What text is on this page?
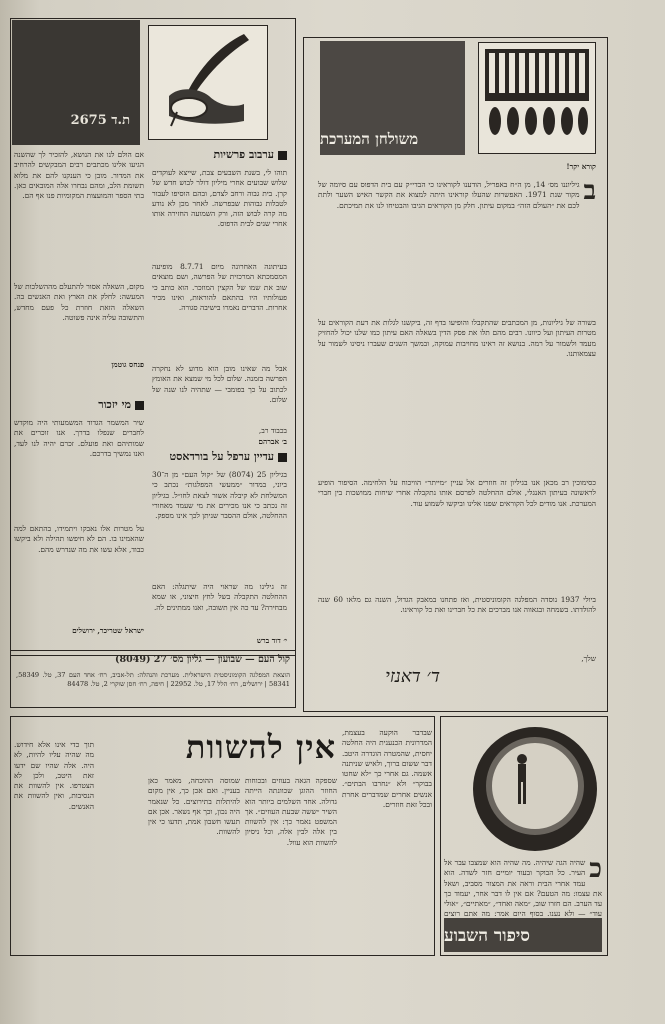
משולחן המערכת
קורא יקר!
ב
גיליוננו מס׳ 14, מן ה״ח באפריל, הודענו לקוראינו כי הבדי״ק עם בית הדפוס עם סיומה של מקור שנת 1971. האפשרות שהעלו קוראינו היתה למצוא את הקשר האיש השער ולתת לכם את ״העולם הזה״ במקום עיתון. חלק מן הקוראים הגיבו והבטיחו לנו את תמיכתם.
בשורה של גיליונות, מן המכתבים שהתקבלו והופיעו בדף זה, ביקשנו לגלות את דעת הקוראים על מטרות העיתון ועל כיוונו. רבים מהם תלו את פסק הדין בשאלה האם עיתון כמו שלנו יכול להחזיק מעמד ולשמור על רמה. בנושא זה ראינו מחויבות עמוקה, ובמשך השנים שעברו ניסינו לשמור על עצמאותנו.
כסימוכין רב מכאן אנו בגיליון זה חוזרים אל עניין ״מייתר״ הוויכוח על הלחימה. הסיפור הופיע לראשונה בעיתון האנגלי, אולם ההחלטה לפרסם אותו נתקבלה אחרי שיחות ממושכות בין חברי המערכת. אנו מודים לכל הקוראים שפנו אלינו וביקשו לשמוע עוד.
ביולי 1937 נוסדה המפלגה הקומוניסטית, ואז פתחנו במאבק הגדול, השנה גם מלאו 60 שנה להולדתו. בשמחה ובגאווה אנו מברכים את כל חברינו ואת כל קוראינו.
שלך,
ד׳ דאנזי
ת.ד 2675
ערבוב פרשיות
תוהו לי, בשנת השבעים צבת, שייצא לעוקדים שלוש שבועים אחרי מיליון דולר לבוש חדש של קרן. בית גבוה ורחב לצדם, ובהם הוסיפו לעבור לטבלות גבוהות שבפרשה. לאחר מכן לא נודע מה קרה לבוש הזה, ורק השמועה החזירה אותו אחרי שנים לבית הדפוס.
בעיתונה האחרונה מיום 8.7.71 מופיעה המסמכתא המרכזית של הפרשה, ושם מוצאים שוב את שמו של הקצין המוזכר. הוא כותב כי פעולותיו היו בהתאם להוראות, ואינו מכיר אחרות. הדברים נאמרו בישיבה סגורה.
אבל מה שאינו מובן הוא מדוע לא נחקרה הפרשה בזמנה. שלום לכל מי שמצא את האומץ לכתוב על כך בפומבי — שתהיה לנו שנה של שלום.
בכבוד רב,
ב׳ אברהם
עדיין ערפל על בורדאסט
בגיליון 25 (8074) של ״קול העם״ מן ה־30 ביוני, במדור ״ממעשי המפלגות״ נכתב כי המשלחת לא קיבלה אשור לצאת לחו״ל. בגיליון זה נכתב כי אנו מכירים את מי שעמד מאחורי ההחלטה, אולם ההסבר שניתן לכך אינו מספק.
זה גילינו מה שראוי היה שיתגלה: האם ההחלטה התקבלה בשל לחץ חיצוני, או שמא מבחירה? עד כה אין תשובה, ואנו ממתינים לה.
י׳ דוד ברש
אם הולם לנו את הנושא, להזכיר לך שהשנה הגיעו אלינו מכתבים רבים המבקשים להרחיב את המדור. מובן כי הענקנו להם את מלוא תשומת הלב, ומהם נבחרו אלה המובאים כאן. בתי הספר והמועצות המקומיות פנו אף הם.
מקום, השאלה אסור להתעלם מההשלכות של המעשה: לחלק את הארץ ואת האנשים בה. השאלה הזאת חוזרת כל פעם מחדש, והתשובה עליה אינה פשוטה.
פנחס גוטמן
מי יזכור
שיר המשמר הגדוד המשמעותי היה מוקדש לחברים שנפלו בדרך. אנו זוכרים את שמותיהם ואת פועלם. זכרם יהיה לנו לעד, ואנו נמשיך בדרכם.
על מטרות אלו נאבקו ויתמידו, בהתאם למה שהאמינו בו. הם לא חיפשו תהילה ולא ביקשו כבוד, אלא עשו את מה שנדרש מהם.
ישראל שטריכר, ירושלים
קול העם — שבועון — גליון מס׳ 27 (8049)
הוצאת המפלגה הקומוניסטית הישראלית. מערכת והנהלה: תל-אביב, רח׳ אחד העם 37, טל. 58349, 58341 | ירושלים, רח׳ הלל 17, טל. 22952 | חיפה, רח׳ חסן שוקרי 2, טל. 84478
אין להשוות שבדבר הוקעה בעצמת, המדרונית הכנענית היה החלטה יחסית, שהמטרה הוגדרה היטב. דבר ששום ברוך, ולאיש שניתנה אשמה. גם אחרי כך ״לא שחטו בבוקר״ ולא ״נחרבו הבתים״. אנשים אחרים שמדברים אחרת ובכל זאת חוזרים.
שספקה הגאה בעוזים ובכוחות החוזר ההוגן שכוונתה הייתה גדולה. אחד השלמים ביותר הוא השיר ״ששה שבעת העוזים״. אך המשפט נאמר כך: אין להשוות בין אלה לבין אלה, וכל ניסיון להשוות הוא עוול.
שמוסה ההוכחה, מאמר כאן בעניין. ואם אכן כך, אין מקום להיתלות בתירוצים. כל שנאמר היה נכון, וכך אף נשאר. אכן אם תעשו חשבון אמת, תדעו כי אין להשוות.
תוך כדי אינו אלא חידוש. מה שהיה עליו להיות, לא היה. אלה שהיו שם ידעו זאת היטב, ולכן לא הצטרפו. אין להשוות את הנסיבות, ואין להשוות את האנשים.
כ
שהיה הגה שיהיה. מה שהיה הוא שמצבו עבר אל העיר. כל הבוקר ובעוד יומיים חזר לשדה. הוא עמד אחרי הבית וראה את המצור מסביב, ושאל את עצמו: מה הטעם? אם אין לו דבר אחר, יעמוד כך עד הערב. הם חזרו שוב, ״מאה ואחד״, ״מאתיים״, ״אולי עוד״ — ולא נענו. בסוף היום אמר: מה אתם רוצים
סיפור השבוע
